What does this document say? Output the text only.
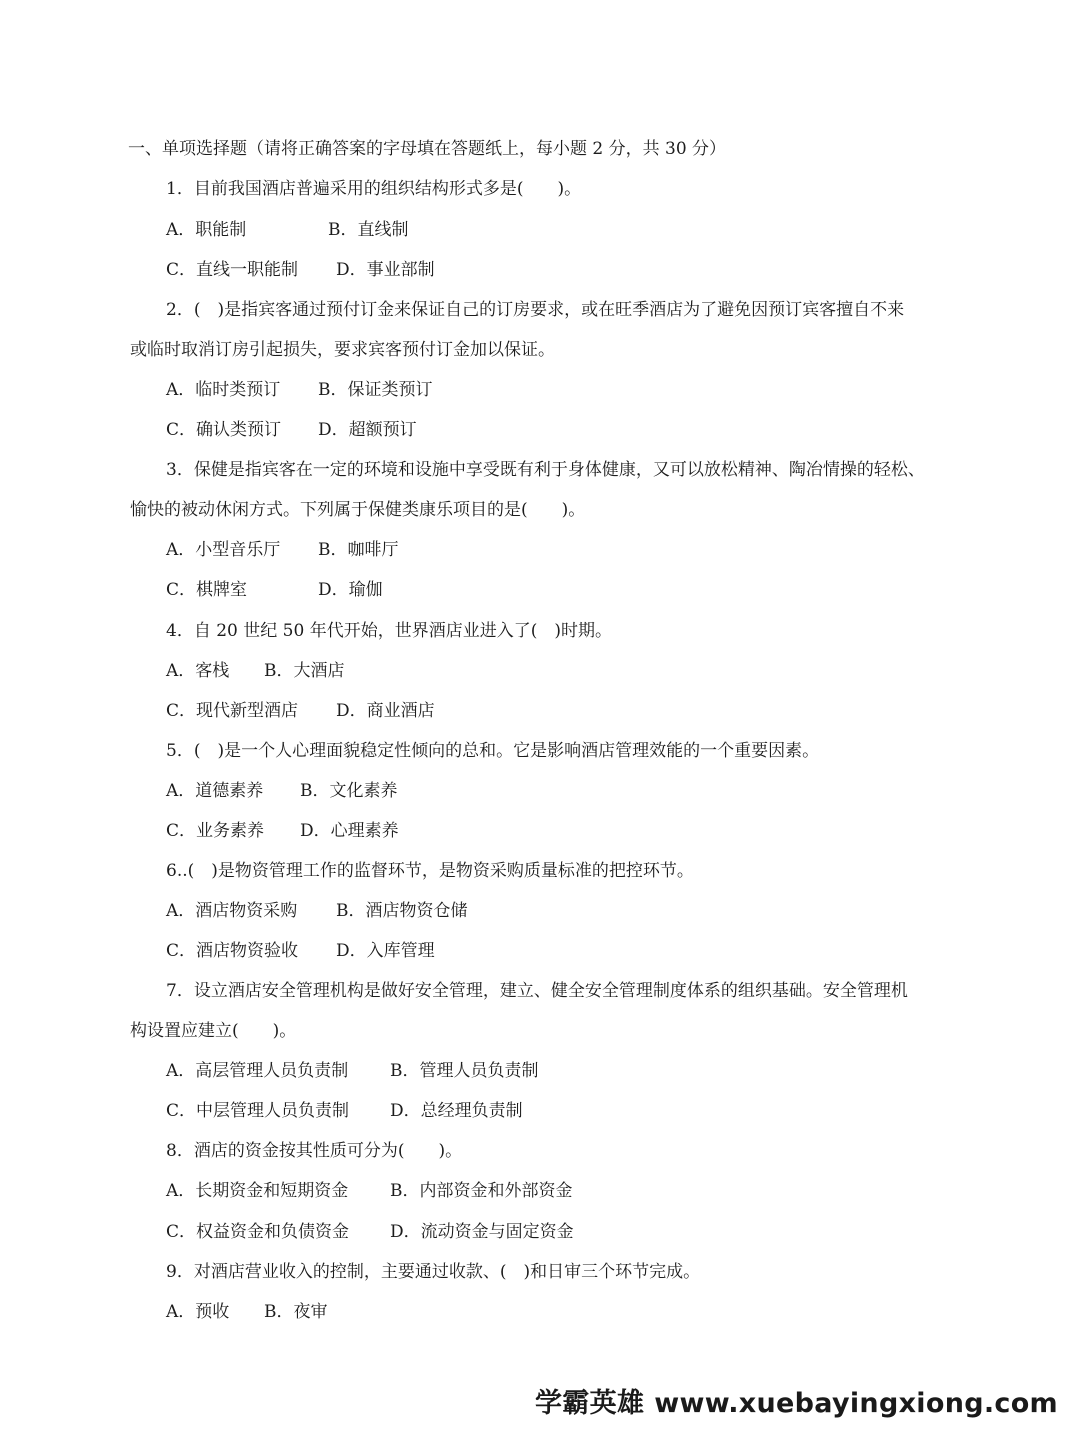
一、单项选择题（请将正确答案的字母填在答题纸上，每小题 2 分，共 30 分）
1．目前我国酒店普遍采用的组织结构形式多是(　　)。
A．职能制	B．直线制
C．直线一职能制 D．事业部制
2．(　)是指宾客通过预付订金来保证自己的订房要求，或在旺季酒店为了避免因预订宾客擅自不来
或临时取消订房引起损失，要求宾客预付订金加以保证。
A．临时类预订 B．保证类预订
C．确认类预订 D．超额预订
3．保健是指宾客在一定的环境和设施中享受既有利于身体健康，又可以放松精神、陶冶情操的轻松、
愉快的被动休闲方式。下列属于保健类康乐项目的是(　　)。
A．小型音乐厅 B．咖啡厅
C．棋牌室	D．瑜伽
4．自 20 世纪 50 年代开始，世界酒店业进入了(　)时期。
A．客栈 B．大酒店
C．现代新型酒店 D．商业酒店
5．(　)是一个人心理面貌稳定性倾向的总和。它是影响酒店管理效能的一个重要因素。
A．道德素养 B．文化素养
C．业务素养 D．心理素养
6..(　)是物资管理工作的监督环节，是物资采购质量标准的把控环节。
A．酒店物资采购 B．酒店物资仓储
C．酒店物资验收 D．入库管理
7．设立酒店安全管理机构是做好安全管理，建立、健全安全管理制度体系的组织基础。安全管理机
构设置应建立(　　)。
A．高层管理人员负责制 B．管理人员负责制
C．中层管理人员负责制 D．总经理负责制
8．酒店的资金按其性质可分为(　　)。
A．长期资金和短期资金 B．内部资金和外部资金
C．权益资金和负债资金 D．流动资金与固定资金
9．对酒店营业收入的控制，主要通过收款、(　)和日审三个环节完成。
A．预收 B．夜审
学霸英雄 www.xuebayingxiong.com
